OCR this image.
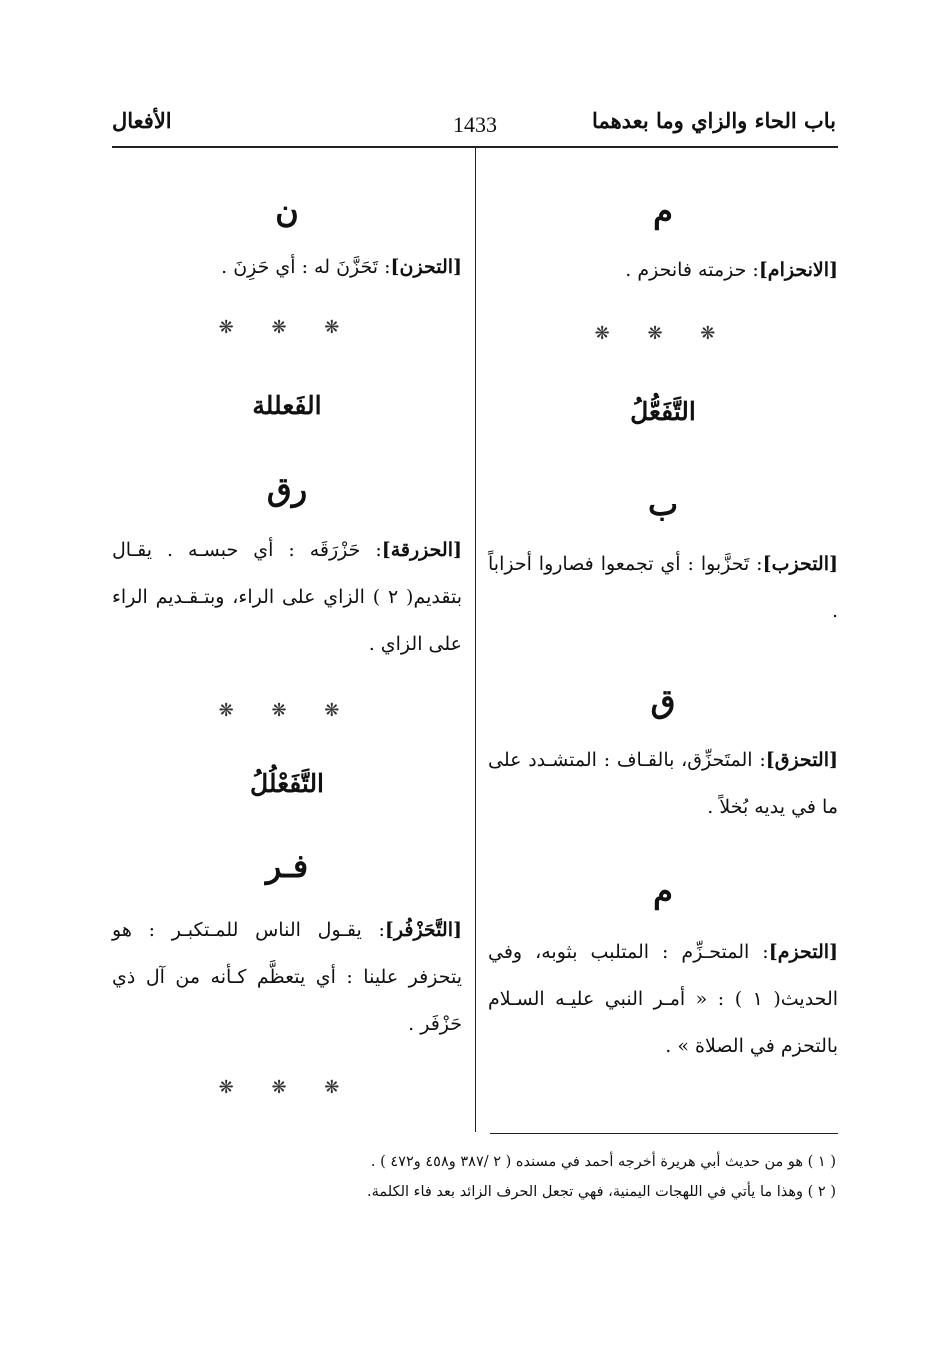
باب الحاء والزاي وما بعدهما
1433
الأفعال
م
[الانحزام]: حزمته فانحزم .
❋ ❋ ❋
التَّفَعُّلُ
ب
[التحزب]: تَحزَّبوا : أي تجمعوا فصاروا أحزاباً .
ق
[التحزق]: المتَحزِّق، بالقـاف : المتشـدد على ما في يديه بُخلاً .
م
[التحزم]: المتحـزِّم : المتلبب بثوبه، وفي الحديث( ١ ) : « أمـر النبي عليـه السـلام بالتحزم في الصلاة » .
ن
[التحزن]: تَحَزَّنَ له : أي حَزِنَ .
❋ ❋ ❋
الفَعللة
رق
[الحزرقة]: حَزْرَقَه : أي حبسـه . يقـال بتقديم( ٢ ) الزاي على الراء، وبتـقـديم الراء على الزاي .
❋ ❋ ❋
التَّفَعْلُلُ
فـر
[التَّحَزْفُر]: يقـول الناس للمـتكبـر : هو يتحزفر علينا : أي يتعظَّم كـأنه من آل ذي حَزْفَر .
❋ ❋ ❋
( ١ ) هو من حديث أبي هريرة أخرجه أحمد في مسنده ( ٢ /٣٨٧ و٤٥٨ و٤٧٢ ) .
( ٢ ) وهذا ما يأتي في اللهجات اليمنية، فهي تجعل الحرف الزائد بعد فاء الكلمة.
